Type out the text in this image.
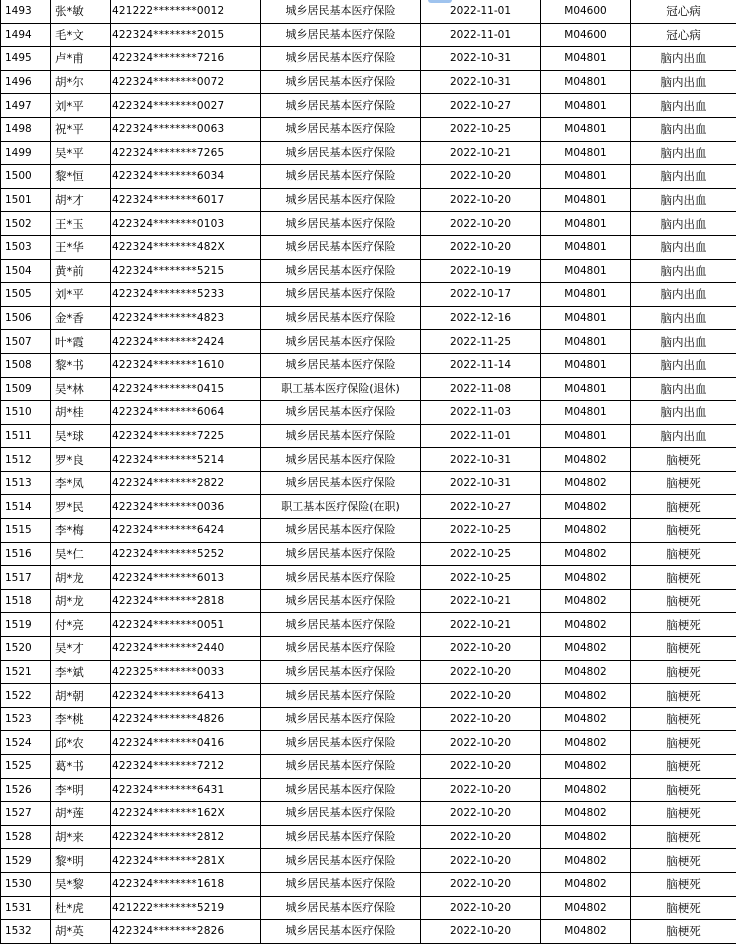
1493	张*敏	421222********0012	城乡居民基本医疗保险	2022-11-01	M04600	冠心病
1494	毛*文	422324********2015	城乡居民基本医疗保险	2022-11-01	M04600	冠心病
1495	卢*甫	422324********7216	城乡居民基本医疗保险	2022-10-31	M04801	脑内出血
1496	胡*尔	422324********0072	城乡居民基本医疗保险	2022-10-31	M04801	脑内出血
1497	刘*平	422324********0027	城乡居民基本医疗保险	2022-10-27	M04801	脑内出血
1498	祝*平	422324********0063	城乡居民基本医疗保险	2022-10-25	M04801	脑内出血
1499	吴*平	422324********7265	城乡居民基本医疗保险	2022-10-21	M04801	脑内出血
1500	黎*恒	422324********6034	城乡居民基本医疗保险	2022-10-20	M04801	脑内出血
1501	胡*才	422324********6017	城乡居民基本医疗保险	2022-10-20	M04801	脑内出血
1502	王*玉	422324********0103	城乡居民基本医疗保险	2022-10-20	M04801	脑内出血
1503	王*华	422324********482X	城乡居民基本医疗保险	2022-10-20	M04801	脑内出血
1504	黄*前	422324********5215	城乡居民基本医疗保险	2022-10-19	M04801	脑内出血
1505	刘*平	422324********5233	城乡居民基本医疗保险	2022-10-17	M04801	脑内出血
1506	金*香	422324********4823	城乡居民基本医疗保险	2022-12-16	M04801	脑内出血
1507	叶*霞	422324********2424	城乡居民基本医疗保险	2022-11-25	M04801	脑内出血
1508	黎*书	422324********1610	城乡居民基本医疗保险	2022-11-14	M04801	脑内出血
1509	吴*林	422324********0415	职工基本医疗保险(退休)	2022-11-08	M04801	脑内出血
1510	胡*桂	422324********6064	城乡居民基本医疗保险	2022-11-03	M04801	脑内出血
1511	吴*球	422324********7225	城乡居民基本医疗保险	2022-11-01	M04801	脑内出血
1512	罗*良	422324********5214	城乡居民基本医疗保险	2022-10-31	M04802	脑梗死
1513	李*凤	422324********2822	城乡居民基本医疗保险	2022-10-31	M04802	脑梗死
1514	罗*民	422324********0036	职工基本医疗保险(在职)	2022-10-27	M04802	脑梗死
1515	李*梅	422324********6424	城乡居民基本医疗保险	2022-10-25	M04802	脑梗死
1516	吴*仁	422324********5252	城乡居民基本医疗保险	2022-10-25	M04802	脑梗死
1517	胡*龙	422324********6013	城乡居民基本医疗保险	2022-10-25	M04802	脑梗死
1518	胡*龙	422324********2818	城乡居民基本医疗保险	2022-10-21	M04802	脑梗死
1519	付*亮	422324********0051	城乡居民基本医疗保险	2022-10-21	M04802	脑梗死
1520	吴*才	422324********2440	城乡居民基本医疗保险	2022-10-20	M04802	脑梗死
1521	李*斌	422325********0033	城乡居民基本医疗保险	2022-10-20	M04802	脑梗死
1522	胡*朝	422324********6413	城乡居民基本医疗保险	2022-10-20	M04802	脑梗死
1523	李*桃	422324********4826	城乡居民基本医疗保险	2022-10-20	M04802	脑梗死
1524	邱*农	422324********0416	城乡居民基本医疗保险	2022-10-20	M04802	脑梗死
1525	葛*书	422324********7212	城乡居民基本医疗保险	2022-10-20	M04802	脑梗死
1526	李*明	422324********6431	城乡居民基本医疗保险	2022-10-20	M04802	脑梗死
1527	胡*莲	422324********162X	城乡居民基本医疗保险	2022-10-20	M04802	脑梗死
1528	胡*来	422324********2812	城乡居民基本医疗保险	2022-10-20	M04802	脑梗死
1529	黎*明	422324********281X	城乡居民基本医疗保险	2022-10-20	M04802	脑梗死
1530	吴*黎	422324********1618	城乡居民基本医疗保险	2022-10-20	M04802	脑梗死
1531	杜*虎	421222********5219	城乡居民基本医疗保险	2022-10-20	M04802	脑梗死
1532	胡*英	422324********2826	城乡居民基本医疗保险	2022-10-20	M04802	脑梗死
